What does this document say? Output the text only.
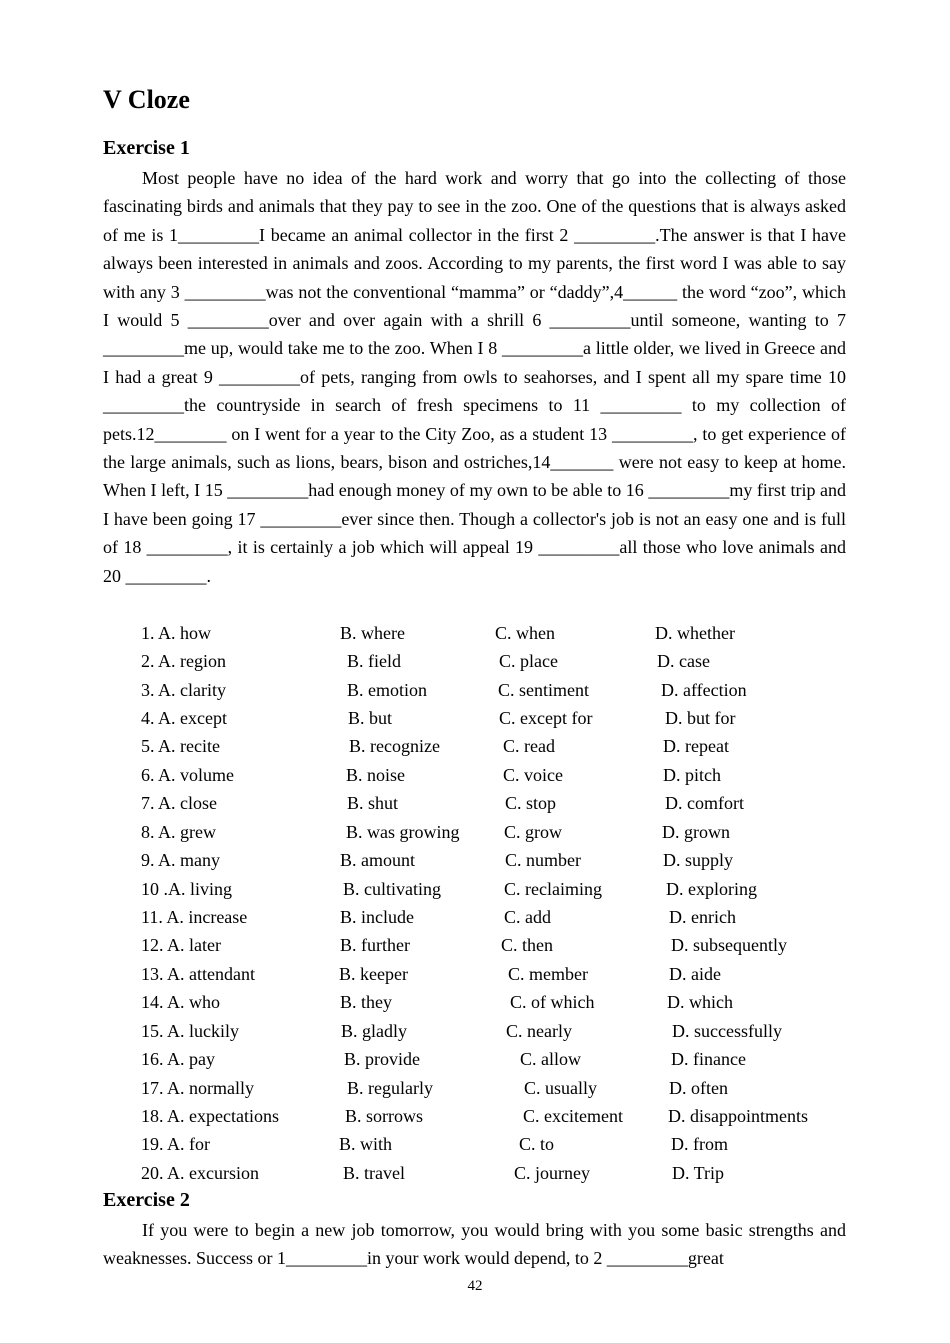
V Cloze
Exercise 1

Most people have no idea of the hard work and worry that go into the collecting of those fascinating birds and animals that they pay to see in the zoo. One of the questions that is always asked of me is 1_________I became an animal collector in the first 2 _________.The answer is that I have always been interested in animals and zoos. According to my parents, the first word I was able to say with any 3 _________was not the conventional “mamma” or “daddy”,4______ the word “zoo”, which I would 5 _________over and over again with a shrill 6 _________until someone, wanting to 7 _________me up, would take me to the zoo. When I 8 _________a little older, we lived in Greece and I had a great 9 _________of pets, ranging from owls to seahorses, and I spent all my spare time 10 _________the countryside in search of fresh specimens to 11 _________ to my collection of pets.12________ on I went for a year to the City Zoo, as a student 13 _________, to get experience of the large animals, such as lions, bears, bison and ostriches,14_______ were not easy to keep at home. When I left, I 15 _________had enough money of my own to be able to 16 _________my first trip and I have been going 17 _________ever since then. Though a collector's job is not an easy one and is full of 18 _________, it is certainly a job which will appeal 19 _________all those who love animals and 20 _________.

1. A. how	B. where	C. when	D. whether
2. A. region	B. field	C. place	D. case
3. A. clarity	B. emotion	C. sentiment	D. affection
4. A. except	B. but	C. except for	D. but for
5. A. recite	B. recognize	C. read	D. repeat
6. A. volume	B. noise	C. voice	D. pitch
7. A. close	B. shut	C. stop	D. comfort
8. A. grew	B. was growing C. grow	D. grown
9. A. many	B. amount	C. number	D. supply
10 .A. living	B. cultivating	C. reclaiming	D. exploring
11. A. increase	B. include	C. add	D. enrich
12. A. later	B. further	C. then	D. subsequently
13. A. attendant	B. keeper	C. member	D. aide
14. A. who	B. they	C. of which	D. which
15. A. luckily	B. gladly	C. nearly	D. successfully
16. A. pay	B. provide	C. allow	D. finance
17. A. normally	B. regularly	C. usually	D. often
18. A. expectations	B. sorrows	C. excitement	D. disappointments
19. A. for	B. with	C. to	D. from
20. A. excursion	B. travel	C. journey	D. Trip
Exercise 2

If you were to begin a new job tomorrow, you would bring with you some basic strengths and weaknesses. Success or 1_________in your work would depend, to 2 _________great

42
